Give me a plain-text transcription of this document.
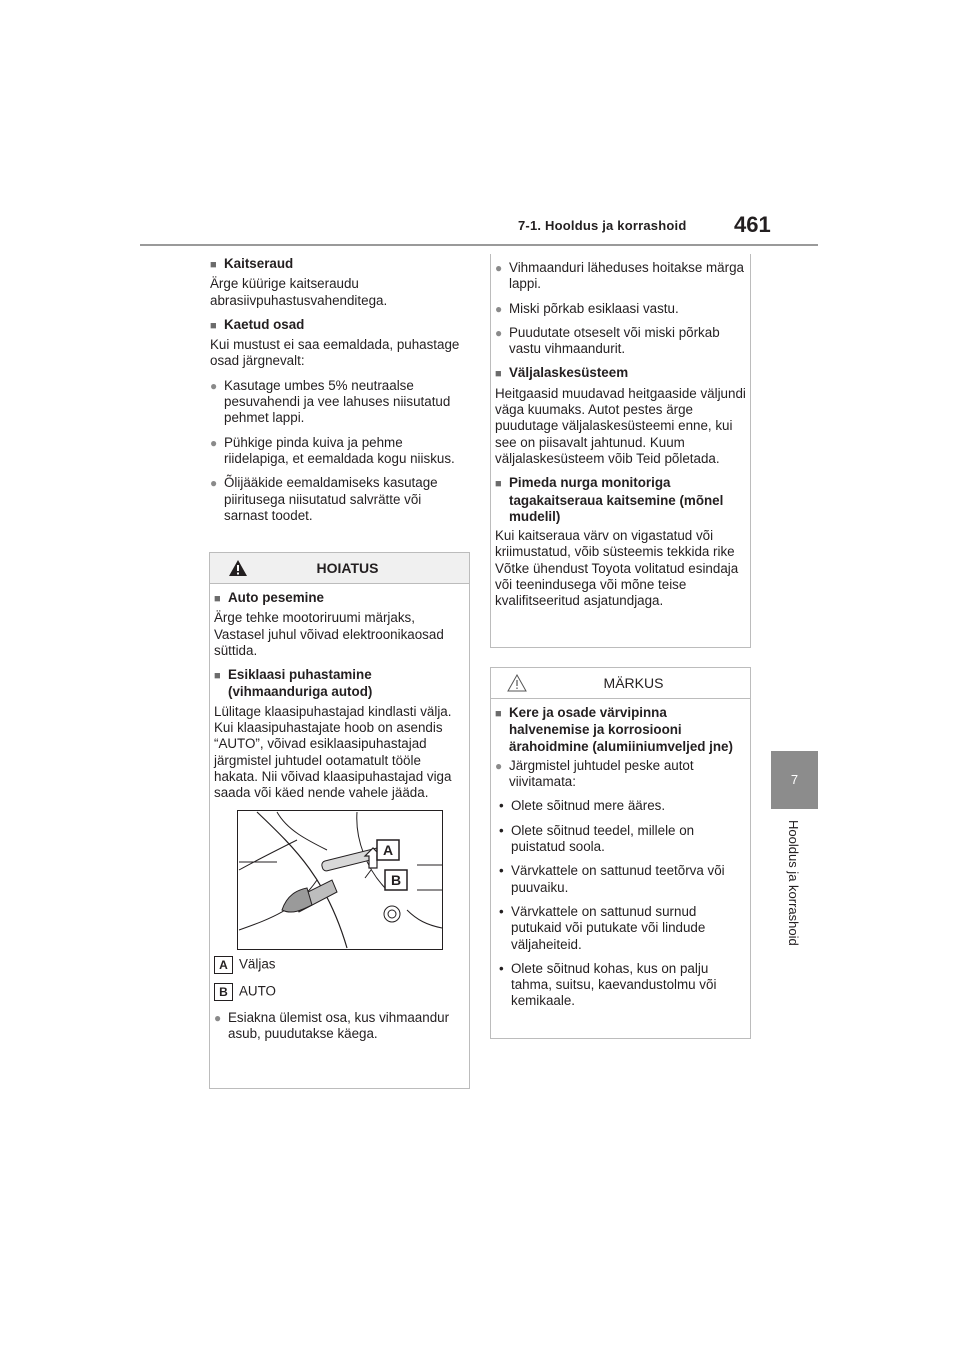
7-1. Hooldus ja korrashoid 461
7
Hooldus ja korrashoid

■ Kaitseraud

Ärge küürige kaitseraudu abrasiivpuhastusvahenditega.

■ Kaetud osad

Kui mustust ei saa eemaldada, puhastage osad järgnevalt:

● Kasutage umbes 5% neutraalse pesuvahendi ja vee lahuses niisutatud pehmet lappi.

● Pühkige pinda kuiva ja pehme riidelapiga, et eemaldada kogu niiskus.

● Õlijääkide eemaldamiseks kasutage piiritusega niisutatud salvrätte või sarnast toodet.

HOIATUS

■ Auto pesemine

Ärge tehke mootoriruumi märjaks, Vastasel juhul võivad elektroonikaosad süttida.

■ Esiklaasi puhastamine (vihmaanduriga autod)

Lülitage klaasipuhastajad kindlasti välja. Kui klaasipuhastajate hoob on asendis “AUTO”, võivad esiklaasipuhastajad järgmistel juhtudel ootamatult tööle hakata. Nii võivad klaasipuhastajad viga saada või käed nende vahele jääda.

A
B

A Väljas

B AUTO

● Esiakna ülemist osa, kus vihmaandur asub, puudutakse käega.

● Vihmaanduri läheduses hoitakse märga lappi.

● Miski põrkab esiklaasi vastu.

● Puudutate otseselt või miski põrkab vastu vihmaandurit.

■ Väljalaskesüsteem

Heitgaasid muudavad heitgaaside väljundi väga kuumaks. Autot pestes ärge puudutage väljalaskesüsteemi enne, kui see on piisavalt jahtunud. Kuum väljalaskesüsteem võib Teid põletada.

■ Pimeda nurga monitoriga tagakaitseraua kaitsemine (mõnel mudelil)

Kui kaitseraua värv on vigastatud või kriimustatud, võib süsteemis tekkida rike Võtke ühendust Toyota volitatud esindaja või teenindusega või mõne teise kvalifitseeritud asjatundjaga.

MÄRKUS

■ Kere ja osade värvipinna halvenemise ja korrosiooni ärahoidmine (alumiiniumveljed jne)

● Järgmistel juhtudel peske autot viivitamata:

• Olete sõitnud mere ääres.

• Olete sõitnud teedel, millele on puistatud soola.

• Värvkattele on sattunud teetõrva või puuvaiku.

• Värvkattele on sattunud surnud putukaid või putukate või lindude väljaheiteid.

• Olete sõitnud kohas, kus on palju tahma, suitsu, kaevandustolmu või kemikaale.
